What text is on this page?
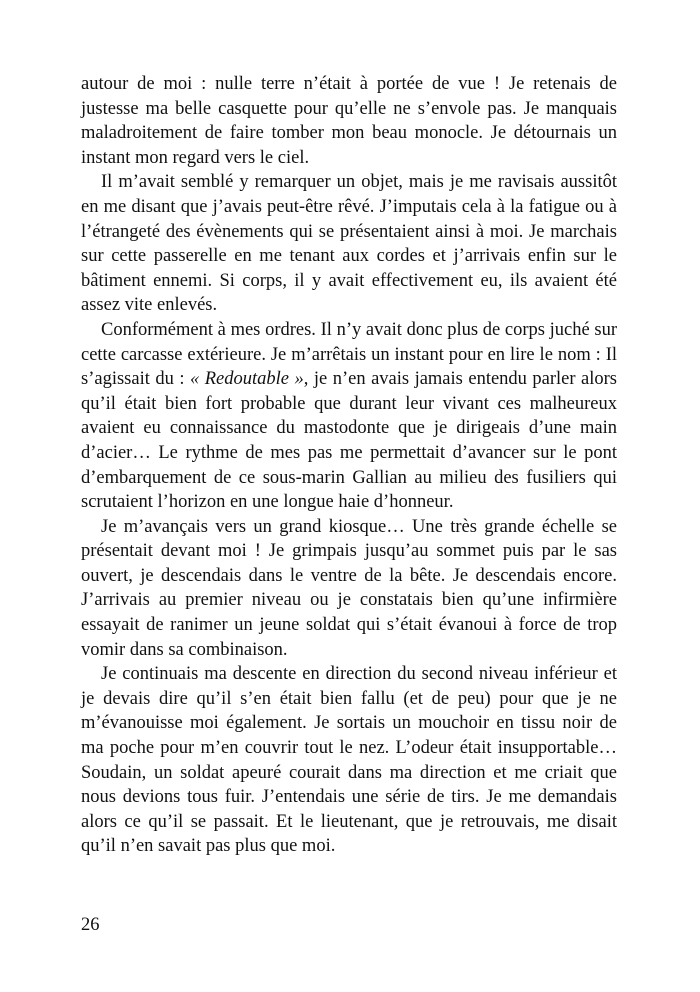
autour de moi : nulle terre n’était à portée de vue ! Je retenais de justesse ma belle casquette pour qu’elle ne s’envole pas. Je manquais maladroitement de faire tomber mon beau monocle. Je détournais un instant mon regard vers le ciel.

Il m’avait semblé y remarquer un objet, mais je me ravisais aussitôt en me disant que j’avais peut-être rêvé. J’imputais cela à la fatigue ou à l’étrangeté des évènements qui se présentaient ainsi à moi. Je marchais sur cette passerelle en me tenant aux cordes et j’arrivais enfin sur le bâtiment ennemi. Si corps, il y avait effectivement eu, ils avaient été assez vite enlevés.

Conformément à mes ordres. Il n’y avait donc plus de corps juché sur cette carcasse extérieure. Je m’arrêtais un instant pour en lire le nom : Il s’agissait du : « Redoutable », je n’en avais jamais entendu parler alors qu’il était bien fort probable que durant leur vivant ces malheureux avaient eu connaissance du mastodonte que je dirigeais d’une main d’acier… Le rythme de mes pas me permettait d’avancer sur le pont d’embarquement de ce sous-marin Gallian au milieu des fusiliers qui scrutaient l’horizon en une longue haie d’honneur.

Je m’avançais vers un grand kiosque… Une très grande échelle se présentait devant moi ! Je grimpais jusqu’au sommet puis par le sas ouvert, je descendais dans le ventre de la bête. Je descendais encore. J’arrivais au premier niveau ou je constatais bien qu’une infirmière essayait de ranimer un jeune soldat qui s’était évanoui à force de trop vomir dans sa combinaison.

Je continuais ma descente en direction du second niveau inférieur et je devais dire qu’il s’en était bien fallu (et de peu) pour que je ne m’évanouisse moi également. Je sortais un mouchoir en tissu noir de ma poche pour m’en couvrir tout le nez. L’odeur était insupportable… Soudain, un soldat apeuré courait dans ma direction et me criait que nous devions tous fuir. J’entendais une série de tirs. Je me demandais alors ce qu’il se passait. Et le lieutenant, que je retrouvais, me disait qu’il n’en savait pas plus que moi.

26
